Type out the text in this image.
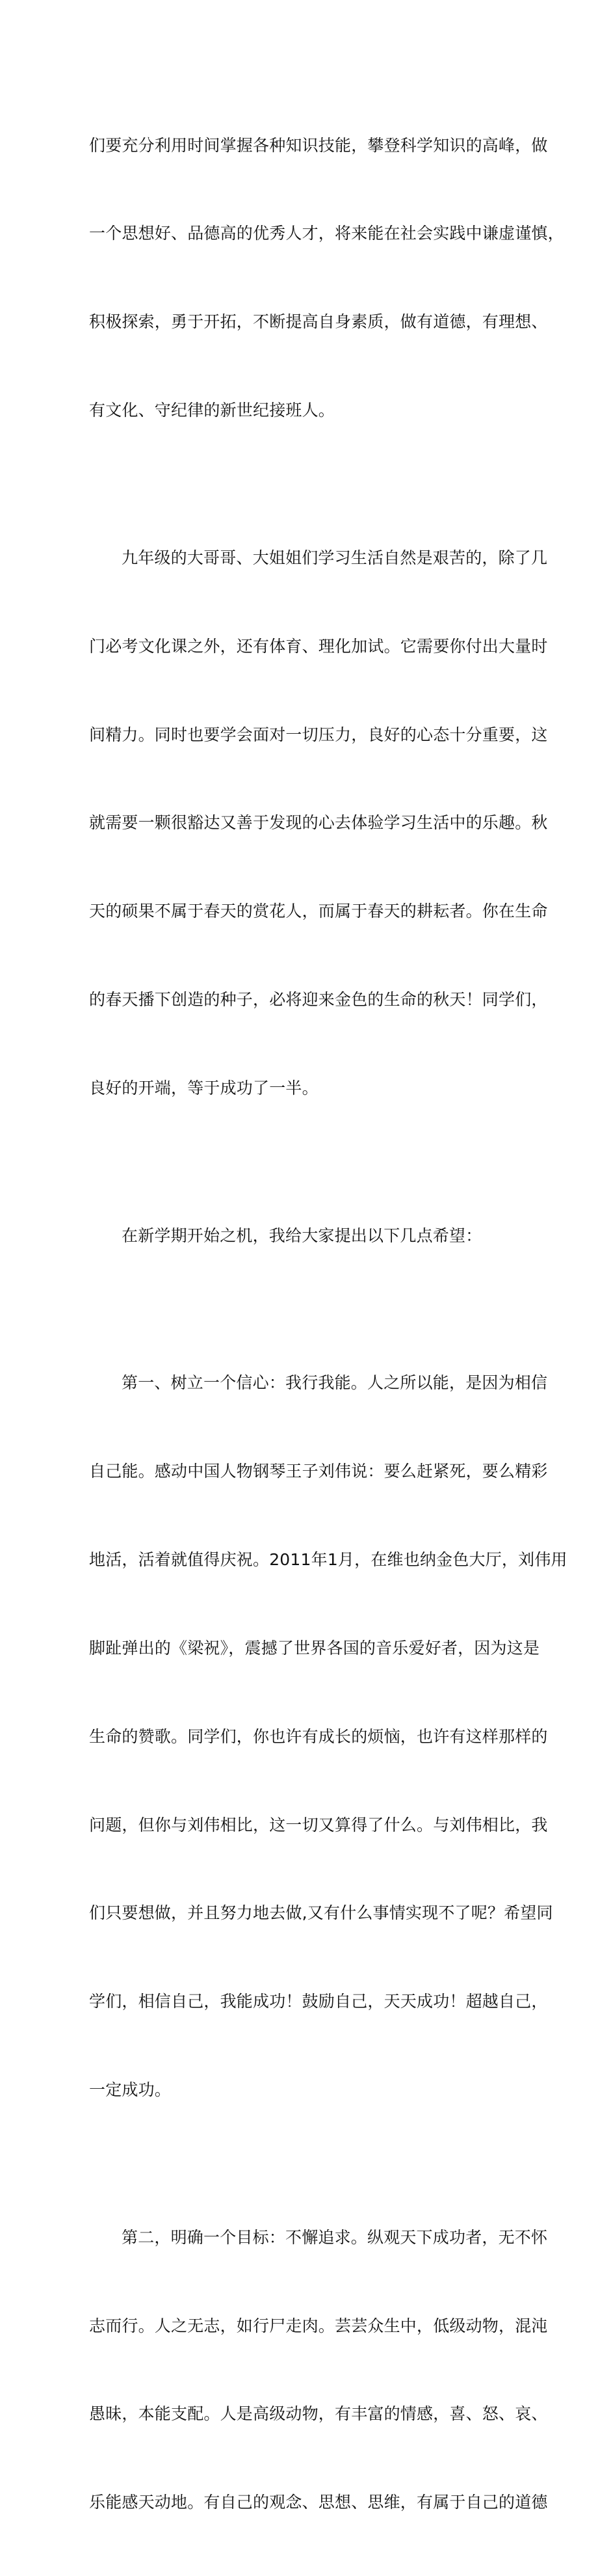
们要充分利用时间掌握各种知识技能，攀登科学知识的高峰，做

一个思想好、品德高的优秀人才，将来能在社会实践中谦虚谨慎，

积极探索，勇于开拓，不断提高自身素质，做有道德，有理想、

有文化、守纪律的新世纪接班人。

九年级的大哥哥、大姐姐们学习生活自然是艰苦的，除了几

门必考文化课之外，还有体育、理化加试。它需要你付出大量时

间精力。同时也要学会面对一切压力，良好的心态十分重要，这

就需要一颗很豁达又善于发现的心去体验学习生活中的乐趣。秋

天的硕果不属于春天的赏花人，而属于春天的耕耘者。你在生命

的春天播下创造的种子，必将迎来金色的生命的秋天！同学们，

良好的开端，等于成功了一半。

在新学期开始之机，我给大家提出以下几点希望：

第一、树立一个信心：我行我能。人之所以能，是因为相信

自己能。感动中国人物钢琴王子刘伟说：要么赶紧死，要么精彩

地活，活着就值得庆祝。2011年1月，在维也纳金色大厅，刘伟用

脚趾弹出的《梁祝》，震撼了世界各国的音乐爱好者，因为这是

生命的赞歌。同学们，你也许有成长的烦恼，也许有这样那样的

问题，但你与刘伟相比，这一切又算得了什么。与刘伟相比，我

们只要想做，并且努力地去做,又有什么事情实现不了呢？希望同

学们，相信自己，我能成功！鼓励自己，天天成功！超越自己，

一定成功。

第二，明确一个目标：不懈追求。纵观天下成功者，无不怀

志而行。人之无志，如行尸走肉。芸芸众生中，低级动物，混沌

愚昧，本能支配。人是高级动物，有丰富的情感，喜、怒、哀、

乐能感天动地。有自己的观念、思想、思维，有属于自己的道德
